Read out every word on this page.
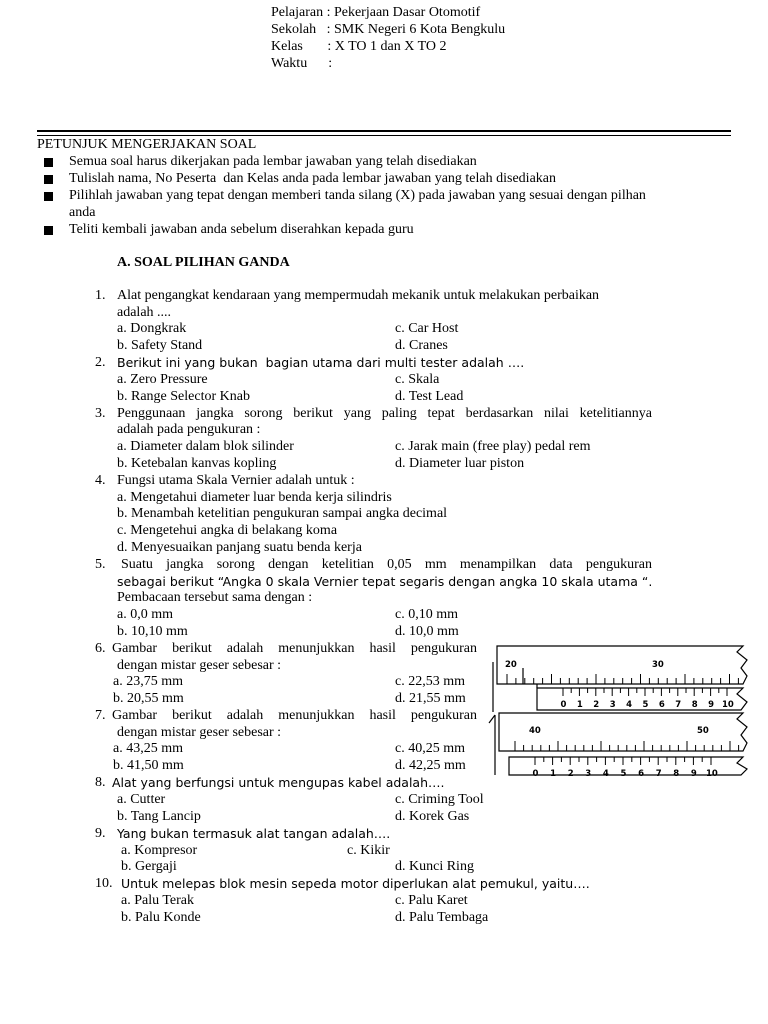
Pelajaran : Pekerjaan Dasar Otomotif
Sekolah   : SMK Negeri 6 Kota Bengkulu
Kelas       : X TO 1 dan X TO 2
Waktu      :
PETUNJUK MENGERJAKAN SOAL
Semua soal harus dikerjakan pada lembar jawaban yang telah disediakan
Tulislah nama, No Peserta  dan Kelas anda pada lembar jawaban yang telah disediakan
Pilihlah jawaban yang tepat dengan memberi tanda silang (X) pada jawaban yang sesuai dengan pilhan
anda
Teliti kembali jawaban anda sebelum diserahkan kepada guru
A. SOAL PILIHAN GANDA
1. Alat pengangkat kendaraan yang mempermudah mekanik untuk melakukan perbaikan
adalah ....
a. Dongkrak	c. Car Host
b. Safety Stand	d. Cranes
2. Berikut ini yang bukan  bagian utama dari multi tester adalah ….
a. Zero Pressure	c. Skala
b. Range Selector Knab	d. Test Lead
3. Penggunaan jangka sorong berikut yang paling tepat berdasarkan nilai ketelitiannya
adalah pada pengukuran :
a. Diameter dalam blok silinder	c. Jarak main (free play) pedal rem
b. Ketebalan kanvas kopling	d. Diameter luar piston
4. Fungsi utama Skala Vernier adalah untuk :
a. Mengetahui diameter luar benda kerja silindris
b. Menambah ketelitian pengukuran sampai angka decimal
c. Mengetehui angka di belakang koma
d. Menyesuaikan panjang suatu benda kerja
5. Suatu jangka sorong dengan ketelitian 0,05 mm menampilkan data pengukuran
sebagai berikut “Angka 0 skala Vernier tepat segaris dengan angka 10 skala utama “.
Pembacaan tersebut sama dengan :
a. 0,0 mm	c. 0,10 mm
b. 10,10 mm	d. 10,0 mm
6. Gambar berikut adalah menunjukkan hasil pengukuran
dengan mistar geser sebesar :
a. 23,75 mm	c. 22,53 mm
b. 20,55 mm	d. 21,55 mm
7. Gambar berikut adalah menunjukkan hasil pengukuran
dengan mistar geser sebesar :
a. 43,25 mm	c. 40,25 mm
b. 41,50 mm	d. 42,25 mm
8. Alat yang berfungsi untuk mengupas kabel adalah….
a. Cutter	c. Criming Tool
b. Tang Lancip	d. Korek Gas
9. Yang bukan termasuk alat tangan adalah….
a. Kompresor	c. Kikir
b. Gergaji	d. Kunci Ring
10. Untuk melepas blok mesin sepeda motor diperlukan alat pemukul, yaitu….
a. Palu Terak	c. Palu Karet
b. Palu Konde	d. Palu Tembaga
20	30
0 1 2 3 4 5 6 7 8 9 10
40	50
0 1 2 3 4 5 6 7 8 9 10
